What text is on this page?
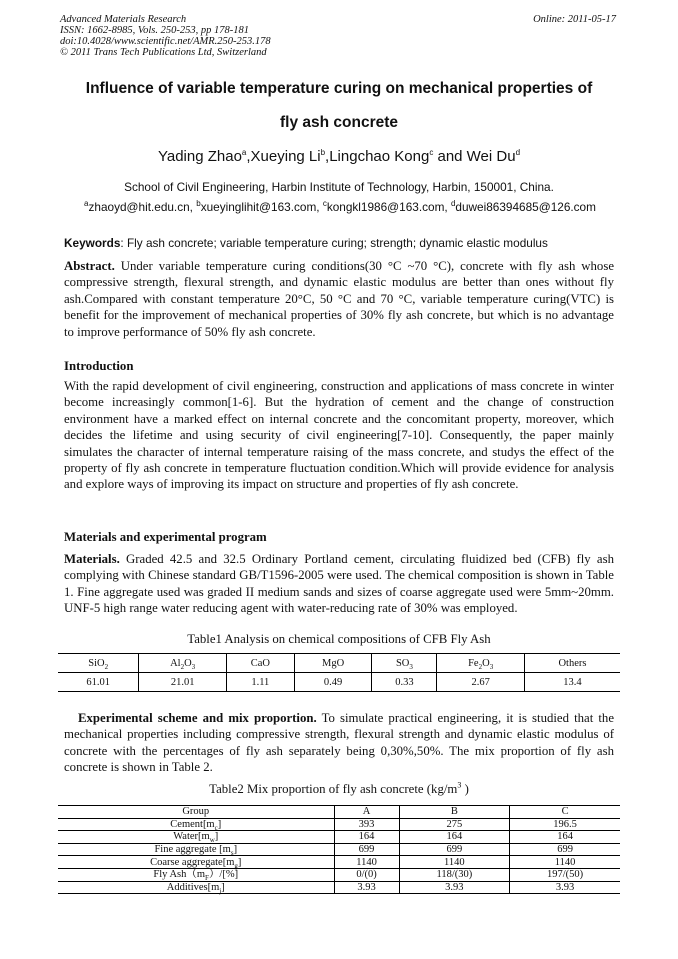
Advanced Materials Research
ISSN: 1662-8985, Vols. 250-253, pp 178-181
doi:10.4028/www.scientific.net/AMR.250-253.178
© 2011 Trans Tech Publications Ltd, Switzerland
Online: 2011-05-17
Influence of variable temperature curing on mechanical properties of
fly ash concrete
Yading Zhao$^a$,Xueying Li$^b$,Lingchao Kong$^c$ and Wei Du$^d$
School of Civil Engineering, Harbin Institute of Technology, Harbin, 150001, China.
$^a$zhaoyd@hit.edu.cn, $^b$xueyinglihit@163.com, $^c$kongkl1986@163.com, $^d$duwei86394685@126.com
Keywords: Fly ash concrete; variable temperature curing; strength; dynamic elastic modulus
Abstract. Under variable temperature curing conditions(30 °C ~70 °C), concrete with fly ash whose compressive strength, flexural strength, and dynamic elastic modulus are better than ones without fly ash.Compared with constant temperature 20°C, 50 °C and 70 °C, variable temperature curing(VTC) is benefit for the improvement of mechanical properties of 30% fly ash concrete, but which is no advantage to improve performance of 50% fly ash concrete.
Introduction
With the rapid development of civil engineering, construction and applications of mass concrete in winter become increasingly common[1-6]. But the hydration of cement and the change of construction environment have a marked effect on internal concrete and the concomitant property, moreover, which decides the lifetime and using security of civil engineering[7-10]. Consequently, the paper mainly simulates the character of internal temperature raising of the mass concrete, and studys the effect of the property of fly ash concrete in temperature fluctuation condition.Which will provide evidence for analysis and explore ways of improving its impact on structure and properties of fly ash concrete.
Materials and experimental program
Materials. Graded 42.5 and 32.5 Ordinary Portland cement, circulating fluidized bed (CFB) fly ash complying with Chinese standard GB/T1596-2005 were used. The chemical composition is shown in Table 1. Fine aggregate used was graded II medium sands and sizes of coarse aggregate used were 5mm~20mm. UNF-5 high range water reducing agent with water-reducing rate of 30% was employed.
Table1 Analysis on chemical compositions of CFB Fly Ash
SiO$_2$	$Al_2O_3$	CaO	MgO	$SO_3$	$Fe_2O_3$	Others
61.01	21.01	1.11	0.49	0.33	2.67	13.4
Experimental scheme and mix proportion. To simulate practical engineering, it is studied that the mechanical properties including compressive strength, flexural strength and dynamic elastic modulus of concrete with the percentages of fly ash separately being 0,30%,50%. The mix proportion of fly ash concrete is shown in Table 2.
Table2 Mix proportion of fly ash concrete ($kg/m^3$ )
Group	A	B	C
$Cement[m_c]$	393	275	196.5
$Water[m_w]$	164	164	164
Fine aggregate $[m_s]$	699	699	699
Coarse $aggregate[m_g]$	1140	1140	1140
Fly $Ash(m_F)/[\%]$	0/(0)	118/(30)	197/(50)
$Additives[m_j]$	3.93	3.93	3.93
